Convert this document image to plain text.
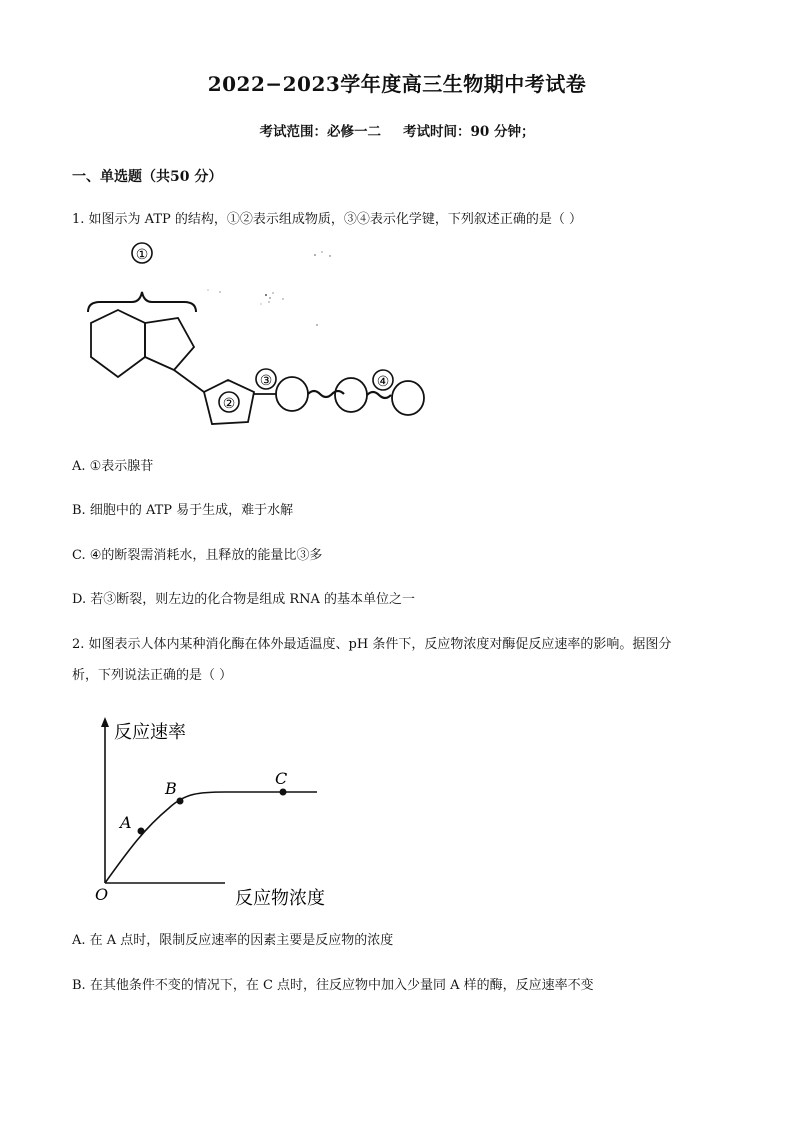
2022−2023学年度高三生物期中考试卷
考试范围：必修一二 考试时间：90 分钟；
一、单选题（共50 分）
1. 如图示为 ATP 的结构，①②表示组成物质，③④表示化学键，下列叙述正确的是（ ）
①
②
③	④
A. ①表示腺苷
B. 细胞中的 ATP 易于生成，难于水解
C. ④的断裂需消耗水，且释放的能量比③多
D. 若③断裂，则左边的化合物是组成 RNA 的基本单位之一
2. 如图表示人体内某种消化酶在体外最适温度、pH 条件下，反应物浓度对酶促反应速率的影响。据图分
析，下列说法正确的是（ ）
反应速率
反应物浓度
O
A
B
C
A. 在 A 点时，限制反应速率的因素主要是反应物的浓度
B. 在其他条件不变的情况下，在 C 点时，往反应物中加入少量同 A 样的酶，反应速率不变
